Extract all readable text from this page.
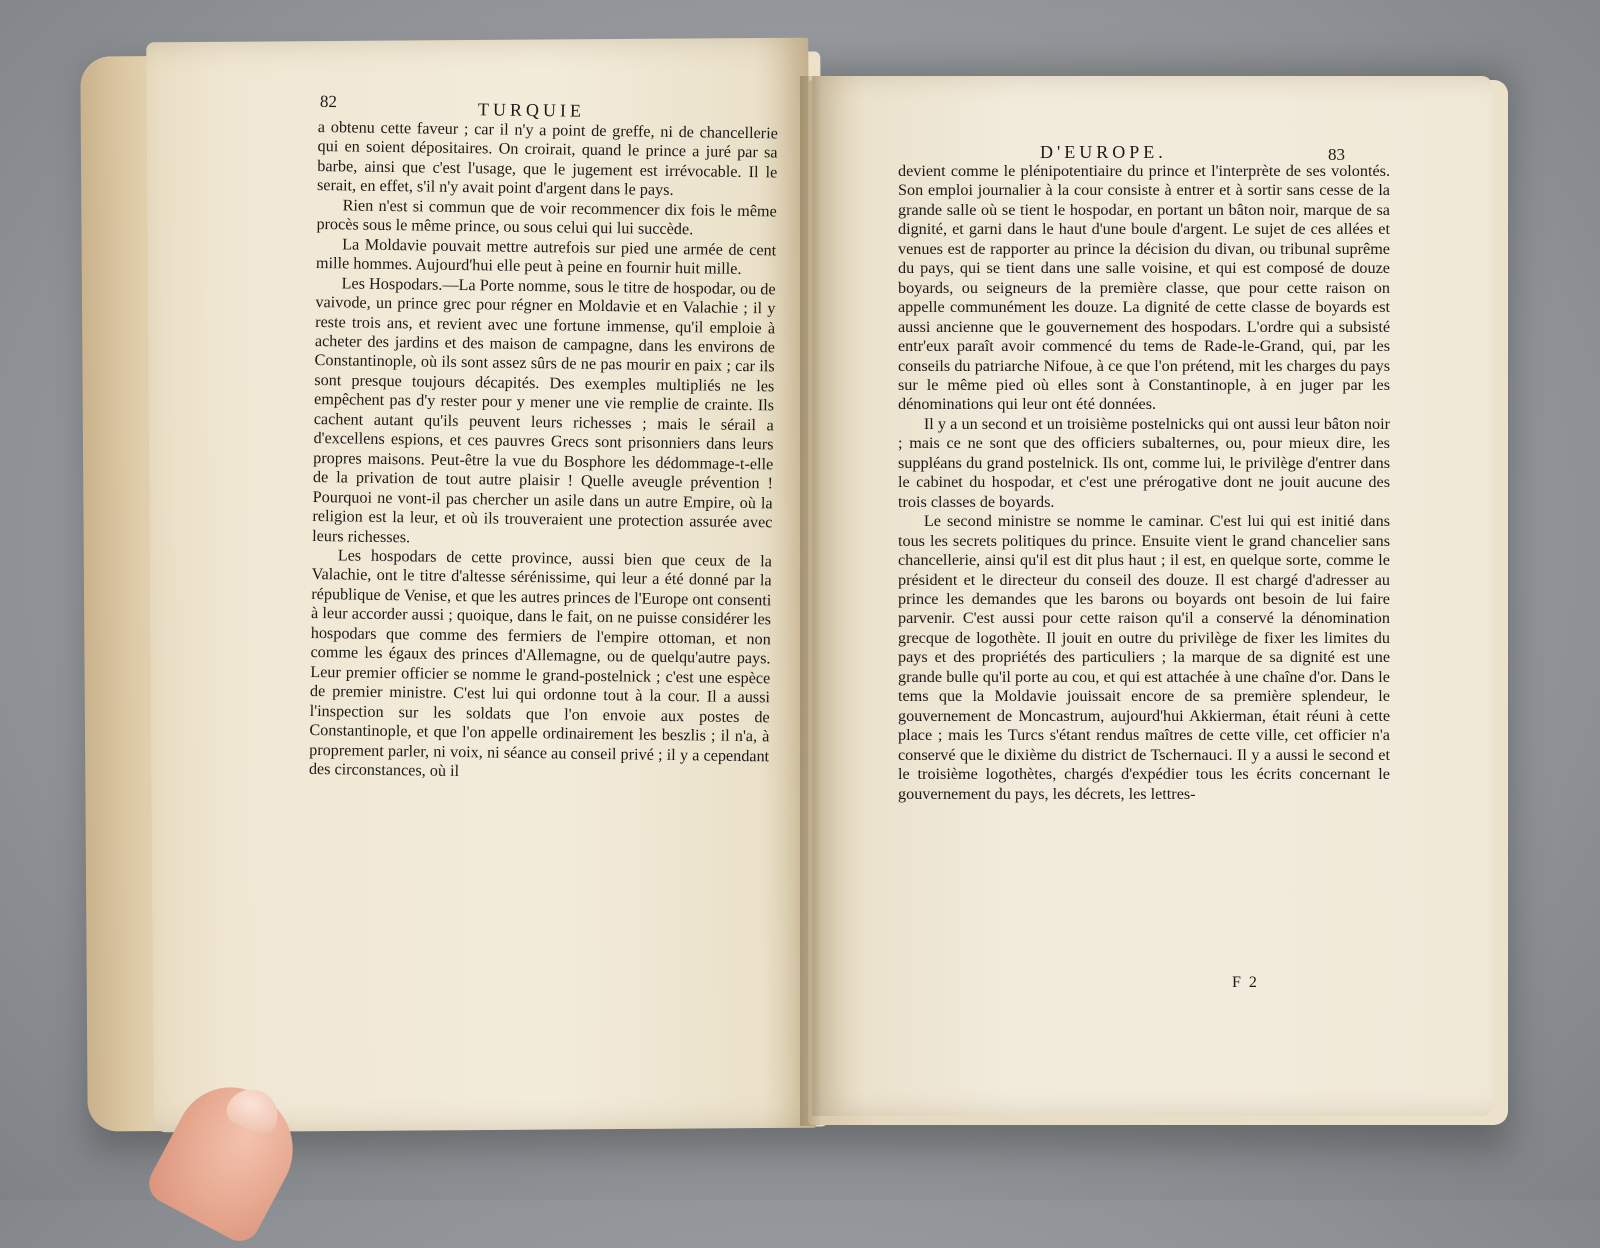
82	TURQUIE

a obtenu cette faveur ; car il n'y a point de greffe, ni de chancellerie qui en soient dépositaires. On croirait, quand le prince a juré par sa barbe, ainsi que c'est l'usage, que le jugement est irrévocable. Il le serait, en effet, s'il n'y avait point d'argent dans le pays.

Rien n'est si commun que de voir recommencer dix fois le même procès sous le même prince, ou sous celui qui lui succède.

La Moldavie pouvait mettre autrefois sur pied une armée de cent mille hommes. Aujourd'hui elle peut à peine en fournir huit mille.

Les Hospodars.—La Porte nomme, sous le titre de hospodar, ou de vaivode, un prince grec pour régner en Moldavie et en Valachie ; il y reste trois ans, et revient avec une fortune immense, qu'il emploie à acheter des jardins et des maison de campagne, dans les environs de Constantinople, où ils sont assez sûrs de ne pas mourir en paix ; car ils sont presque toujours décapités. Des exemples multipliés ne les empêchent pas d'y rester pour y mener une vie remplie de crainte. Ils cachent autant qu'ils peuvent leurs richesses ; mais le sérail a d'excellens espions, et ces pauvres Grecs sont prisonniers dans leurs propres maisons. Peut-être la vue du Bosphore les dédommage-t-elle de la privation de tout autre plaisir ! Quelle aveugle prévention ! Pourquoi ne vont-il pas chercher un asile dans un autre Empire, où la religion est la leur, et où ils trouveraient une protection assurée avec leurs richesses.

Les hospodars de cette province, aussi bien que ceux de la Valachie, ont le titre d'altesse sérénissime, qui leur a été donné par la république de Venise, et que les autres princes de l'Europe ont consenti à leur accorder aussi ; quoique, dans le fait, on ne puisse considérer les hospodars que comme des fermiers de l'empire ottoman, et non comme les égaux des princes d'Allemagne, ou de quelqu'autre pays. Leur premier officier se nomme le grand-postelnick ; c'est une espèce de premier ministre. C'est lui qui ordonne tout à la cour. Il a aussi l'inspection sur les soldats que l'on envoie aux postes de Constantinople, et que l'on appelle ordinairement les beszlis ; il n'a, à proprement parler, ni voix, ni séance au conseil privé ; il y a cependant des circonstances, où il

D'EUROPE.	83

devient comme le plénipotentiaire du prince et l'interprète de ses volontés. Son emploi journalier à la cour consiste à entrer et à sortir sans cesse de la grande salle où se tient le hospodar, en portant un bâton noir, marque de sa dignité, et garni dans le haut d'une boule d'argent. Le sujet de ces allées et venues est de rapporter au prince la décision du divan, ou tribunal suprême du pays, qui se tient dans une salle voisine, et qui est composé de douze boyards, ou seigneurs de la première classe, que pour cette raison on appelle communément les douze. La dignité de cette classe de boyards est aussi ancienne que le gouvernement des hospodars. L'ordre qui a subsisté entr'eux paraît avoir commencé du tems de Rade-le-Grand, qui, par les conseils du patriarche Nifoue, à ce que l'on prétend, mit les charges du pays sur le même pied où elles sont à Constantinople, à en juger par les dénominations qui leur ont été données.

Il y a un second et un troisième postelnicks qui ont aussi leur bâton noir ; mais ce ne sont que des officiers subalternes, ou, pour mieux dire, les suppléans du grand postelnick. Ils ont, comme lui, le privilège d'entrer dans le cabinet du hospodar, et c'est une prérogative dont ne jouit aucune des trois classes de boyards.

Le second ministre se nomme le caminar. C'est lui qui est initié dans tous les secrets politiques du prince. Ensuite vient le grand chancelier sans chancellerie, ainsi qu'il est dit plus haut ; il est, en quelque sorte, comme le président et le directeur du conseil des douze. Il est chargé d'adresser au prince les demandes que les barons ou boyards ont besoin de lui faire parvenir. C'est aussi pour cette raison qu'il a conservé la dénomination grecque de logothète. Il jouit en outre du privilège de fixer les limites du pays et des propriétés des particuliers ; la marque de sa dignité est une grande bulle qu'il porte au cou, et qui est attachée à une chaîne d'or. Dans le tems que la Moldavie jouissait encore de sa première splendeur, le gouvernement de Moncastrum, aujourd'hui Akkierman, était réuni à cette place ; mais les Turcs s'étant rendus maîtres de cette ville, cet officier n'a conservé que le dixième du district de Tschernauci. Il y a aussi le second et le troisième logothètes, chargés d'expédier tous les écrits concernant le gouvernement du pays, les décrets, les lettres-

F 2
